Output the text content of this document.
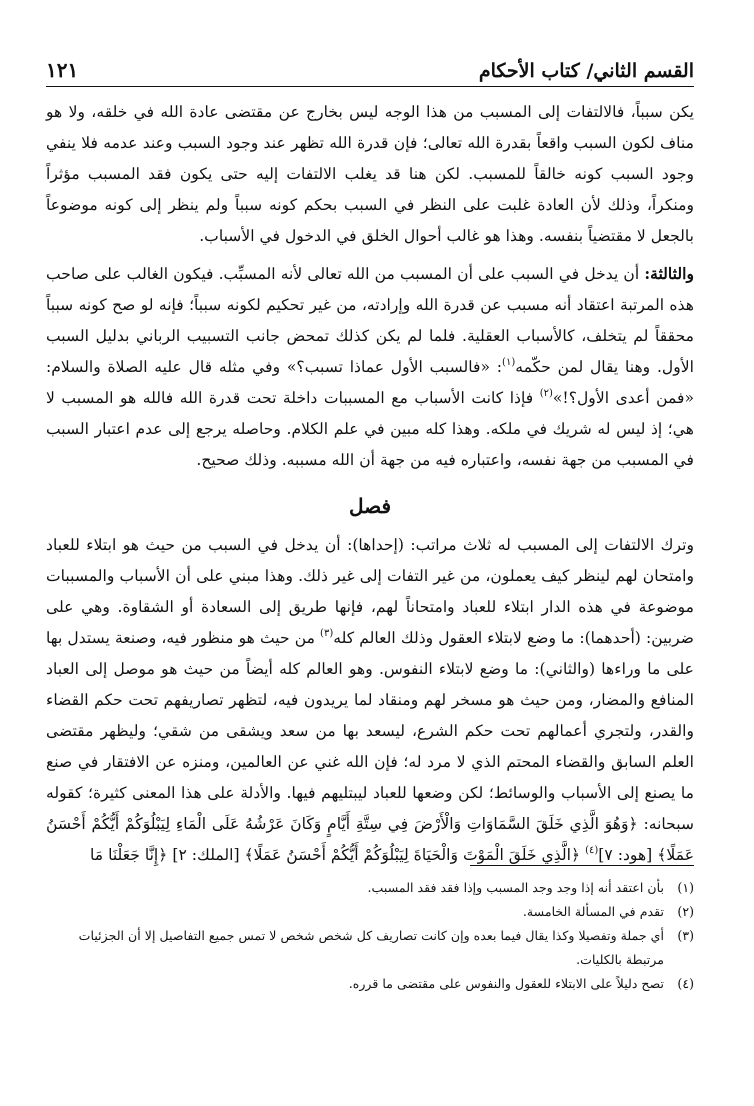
القسم الثاني/ كتاب الأحكام
١٢١

يكن سبباً، فالالتفات إلى المسبب من هذا الوجه ليس بخارج عن مقتضى عادة الله في خلقه، ولا هو مناف لكون السبب واقعاً بقدرة الله تعالى؛ فإن قدرة الله تظهر عند وجود السبب وعند عدمه فلا ينفي وجود السبب كونه خالقاً للمسبب. لكن هنا قد يغلب الالتفات إليه حتى يكون فقد المسبب مؤثراً ومنكراً، وذلك لأن العادة غلبت على النظر في السبب بحكم كونه سبباً ولم ينظر إلى كونه موضوعاً بالجعل لا مقتضياً بنفسه. وهذا هو غالب أحوال الخلق في الدخول في الأسباب.

والثالثة: أن يدخل في السبب على أن المسبب من الله تعالى لأنه المسبِّب. فيكون الغالب على صاحب هذه المرتبة اعتقاد أنه مسبب عن قدرة الله وإرادته، من غير تحكيم لكونه سبباً؛ فإنه لو صح كونه سبباً محققاً لم يتخلف، كالأسباب العقلية. فلما لم يكن كذلك تمحض جانب التسبيب الرباني بدليل السبب الأول. وهنا يقال لمن حكّمه$^{(١)}$: «فالسبب الأول عماذا تسبب؟» وفي مثله قال عليه الصلاة والسلام: «فمن أعدى الأول؟!»$^{(٢)}$ فإذا كانت الأسباب مع المسببات داخلة تحت قدرة الله فالله هو المسبب لا هي؛ إذ ليس له شريك في ملكه. وهذا كله مبين في علم الكلام. وحاصله يرجع إلى عدم اعتبار السبب في المسبب من جهة نفسه، واعتباره فيه من جهة أن الله مسببه. وذلك صحيح.

فصل

وترك الالتفات إلى المسبب له ثلاث مراتب: (إحداها): أن يدخل في السبب من حيث هو ابتلاء للعباد وامتحان لهم لينظر كيف يعملون، من غير التفات إلى غير ذلك. وهذا مبني على أن الأسباب والمسببات موضوعة في هذه الدار ابتلاء للعباد وامتحاناً لهم، فإنها طريق إلى السعادة أو الشقاوة. وهي على ضربين: (أحدهما): ما وضع لابتلاء العقول وذلك العالم كله$^{(٣)}$ من حيث هو منظور فيه، وصنعة يستدل بها على ما وراءها (والثاني): ما وضع لابتلاء النفوس. وهو العالم كله أيضاً من حيث هو موصل إلى العباد المنافع والمضار، ومن حيث هو مسخر لهم ومنقاد لما يريدون فيه، لتظهر تصاريفهم تحت حكم القضاء والقدر، ولتجري أعمالهم تحت حكم الشرع، ليسعد بها من سعد ويشقى من شقي؛ وليظهر مقتضى العلم السابق والقضاء المحتم الذي لا مرد له؛ فإن الله غني عن العالمين، ومنزه عن الافتقار في صنع ما يصنع إلى الأسباب والوسائط؛ لكن وضعها للعباد ليبتليهم فيها. والأدلة على هذا المعنى كثيرة؛ كقوله سبحانه: ﴿وَهُوَ الَّذِي خَلَقَ السَّمَاوَاتِ وَالْأَرْضَ فِي سِتَّةِ أَيَّامٍ وَكَانَ عَرْشُهُ عَلَى الْمَاءِ لِيَبْلُوَكُمْ أَيُّكُمْ أَحْسَنُ عَمَلًا﴾ [هود: ٧]$^{(٤)}$ ﴿الَّذِي خَلَقَ الْمَوْتَ وَالْحَيَاةَ لِيَبْلُوَكُمْ أَيُّكُمْ أَحْسَنُ عَمَلًا﴾ [الملك: ٢] ﴿إِنَّا جَعَلْنَا مَا

(١)
بأن اعتقد أنه إذا وجد وجد المسبب وإذا فقد فقد المسبب.
(٢)
تقدم في المسألة الخامسة.
(٣)
أي جملة وتفصيلا وكذا يقال فيما بعده وإن كانت تصاريف كل شخص شخص لا تمس جميع التفاصيل إلا أن الجزئيات مرتبطة بالكليات.
(٤)
تصح دليلاً على الابتلاء للعقول والنفوس على مقتضى ما قرره.
